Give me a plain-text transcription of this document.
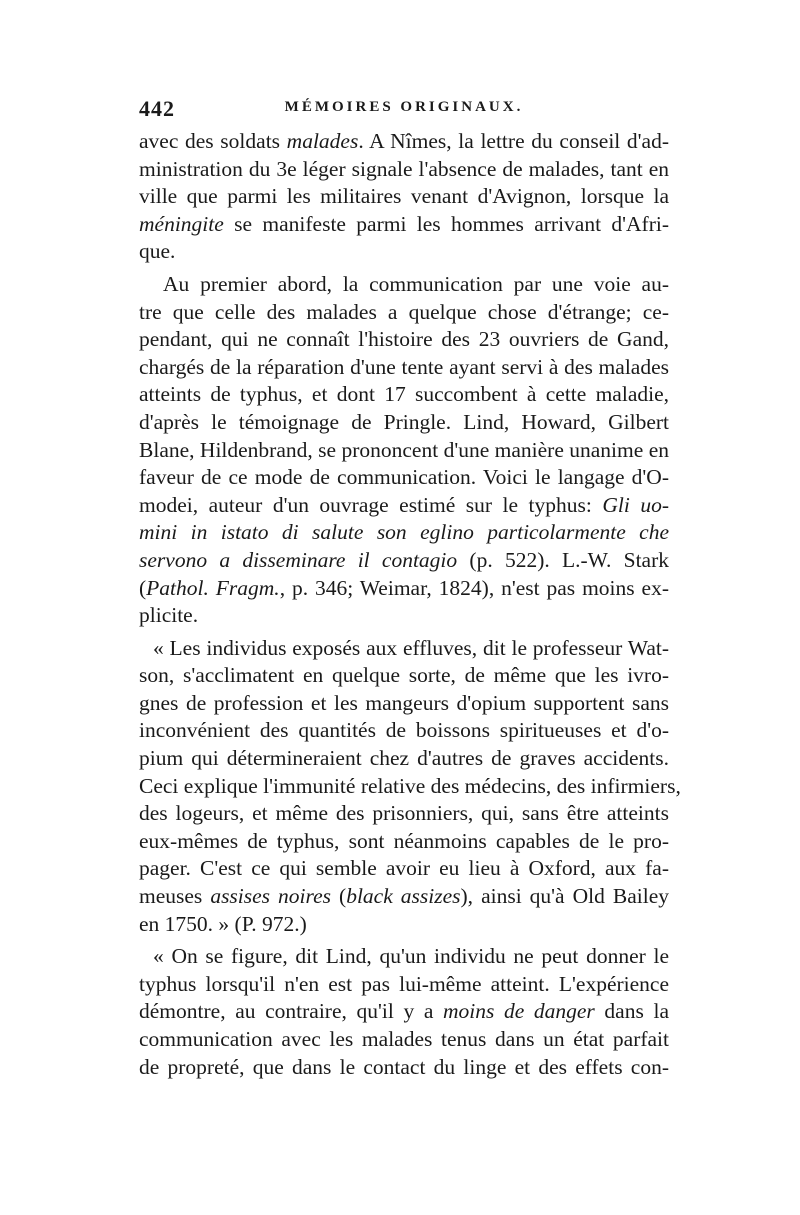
442	MÉMOIRES ORIGINAUX.
avec des soldats malades. A Nîmes, la lettre du conseil d'ad-
ministration du 3e léger signale l'absence de malades, tant en
ville que parmi les militaires venant d'Avignon, lorsque la
méningite se manifeste parmi les hommes arrivant d'Afri-
que.
Au premier abord, la communication par une voie au-
tre que celle des malades a quelque chose d'étrange; ce-
pendant, qui ne connaît l'histoire des 23 ouvriers de Gand,
chargés de la réparation d'une tente ayant servi à des malades
atteints de typhus, et dont 17 succombent à cette maladie,
d'après le témoignage de Pringle. Lind, Howard, Gilbert
Blane, Hildenbrand, se prononcent d'une manière unanime en
faveur de ce mode de communication. Voici le langage d'O-
modei, auteur d'un ouvrage estimé sur le typhus: Gli uo-
mini in istato di salute son eglino particolarmente che
servono a disseminare il contagio (p. 522). L.-W. Stark
(Pathol. Fragm., p. 346; Weimar, 1824), n'est pas moins ex-
plicite.
« Les individus exposés aux effluves, dit le professeur Wat-
son, s'acclimatent en quelque sorte, de même que les ivro-
gnes de profession et les mangeurs d'opium supportent sans
inconvénient des quantités de boissons spiritueuses et d'o-
pium qui détermineraient chez d'autres de graves accidents.
Ceci explique l'immunité relative des médecins, des infirmiers,
des logeurs, et même des prisonniers, qui, sans être atteints
eux-mêmes de typhus, sont néanmoins capables de le pro-
pager. C'est ce qui semble avoir eu lieu à Oxford, aux fa-
meuses assises noires (black assizes), ainsi qu'à Old Bailey
en 1750. » (P. 972.)
« On se figure, dit Lind, qu'un individu ne peut donner le
typhus lorsqu'il n'en est pas lui-même atteint. L'expérience
démontre, au contraire, qu'il y a moins de danger dans la
communication avec les malades tenus dans un état parfait
de propreté, que dans le contact du linge et des effets con-
